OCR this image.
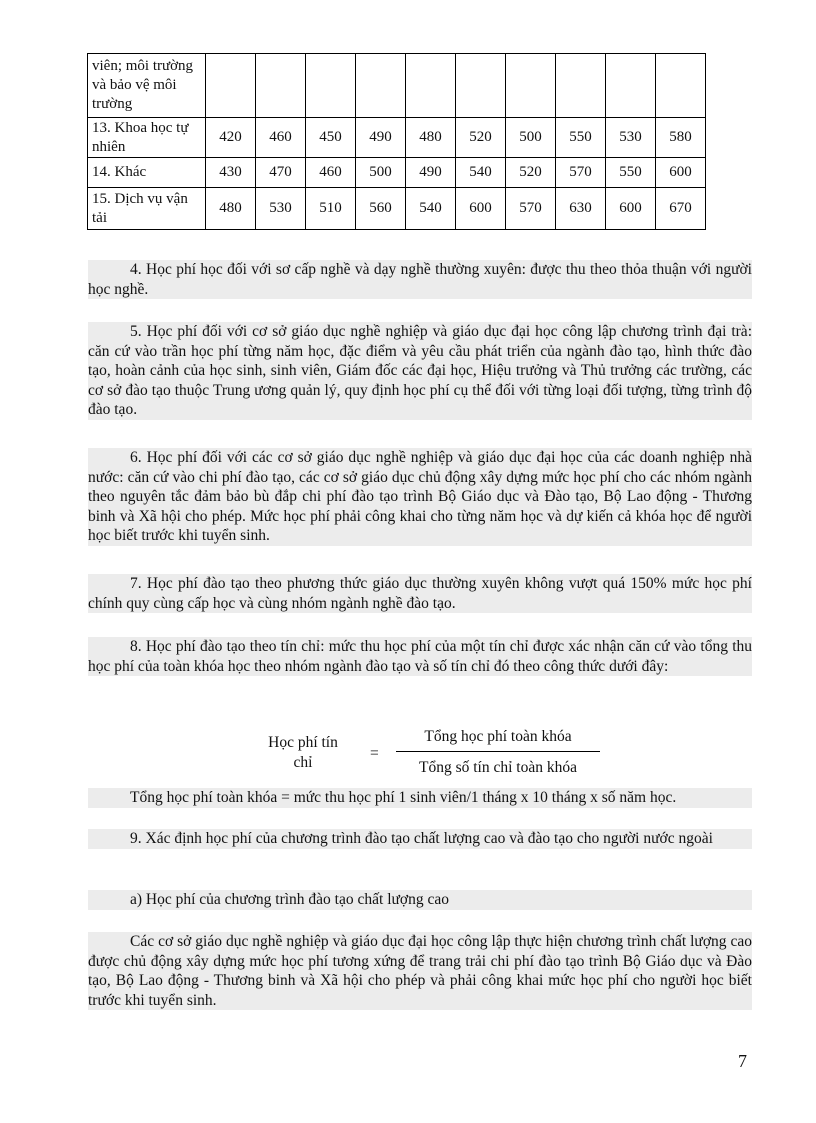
viên; môi trường và bảo vệ môi trường										
13. Khoa học tự nhiên	420	460	450	490	480	520	500	550	530	580
14. Khác	430	470	460	500	490	540	520	570	550	600
15. Dịch vụ vận tải	480	530	510	560	540	600	570	630	600	670
4. Học phí học đối với sơ cấp nghề và dạy nghề thường xuyên: được thu theo thỏa thuận với người học nghề.
5. Học phí đối với cơ sở giáo dục nghề nghiệp và giáo dục đại học công lập chương trình đại trà: căn cứ vào trần học phí từng năm học, đặc điểm và yêu cầu phát triển của ngành đào tạo, hình thức đào tạo, hoàn cảnh của học sinh, sinh viên, Giám đốc các đại học, Hiệu trưởng và Thủ trưởng các trường, các cơ sở đào tạo thuộc Trung ương quản lý, quy định học phí cụ thể đối với từng loại đối tượng, từng trình độ đào tạo.
6. Học phí đối với các cơ sở giáo dục nghề nghiệp và giáo dục đại học của các doanh nghiệp nhà nước: căn cứ vào chi phí đào tạo, các cơ sở giáo dục chủ động xây dựng mức học phí cho các nhóm ngành theo nguyên tắc đảm bảo bù đắp chi phí đào tạo trình Bộ Giáo dục và Đào tạo, Bộ Lao động - Thương binh và Xã hội cho phép. Mức học phí phải công khai cho từng năm học và dự kiến cả khóa học để người học biết trước khi tuyển sinh.
7. Học phí đào tạo theo phương thức giáo dục thường xuyên không vượt quá 150% mức học phí chính quy cùng cấp học và cùng nhóm ngành nghề đào tạo.
8. Học phí đào tạo theo tín chỉ: mức thu học phí của một tín chỉ được xác nhận căn cứ vào tổng thu học phí của toàn khóa học theo nhóm ngành đào tạo và số tín chỉ đó theo công thức dưới đây:
Học phí tín
chỉ
=
Tổng học phí toàn khóa
Tổng số tín chỉ toàn khóa
Tổng học phí toàn khóa = mức thu học phí 1 sinh viên/1 tháng x 10 tháng x số năm học.
9. Xác định học phí của chương trình đào tạo chất lượng cao và đào tạo cho người nước ngoài
a) Học phí của chương trình đào tạo chất lượng cao
Các cơ sở giáo dục nghề nghiệp và giáo dục đại học công lập thực hiện chương trình chất lượng cao được chủ động xây dựng mức học phí tương xứng để trang trải chi phí đào tạo trình Bộ Giáo dục và Đào tạo, Bộ Lao động - Thương binh và Xã hội cho phép và phải công khai mức học phí cho người học biết trước khi tuyển sinh.
7
